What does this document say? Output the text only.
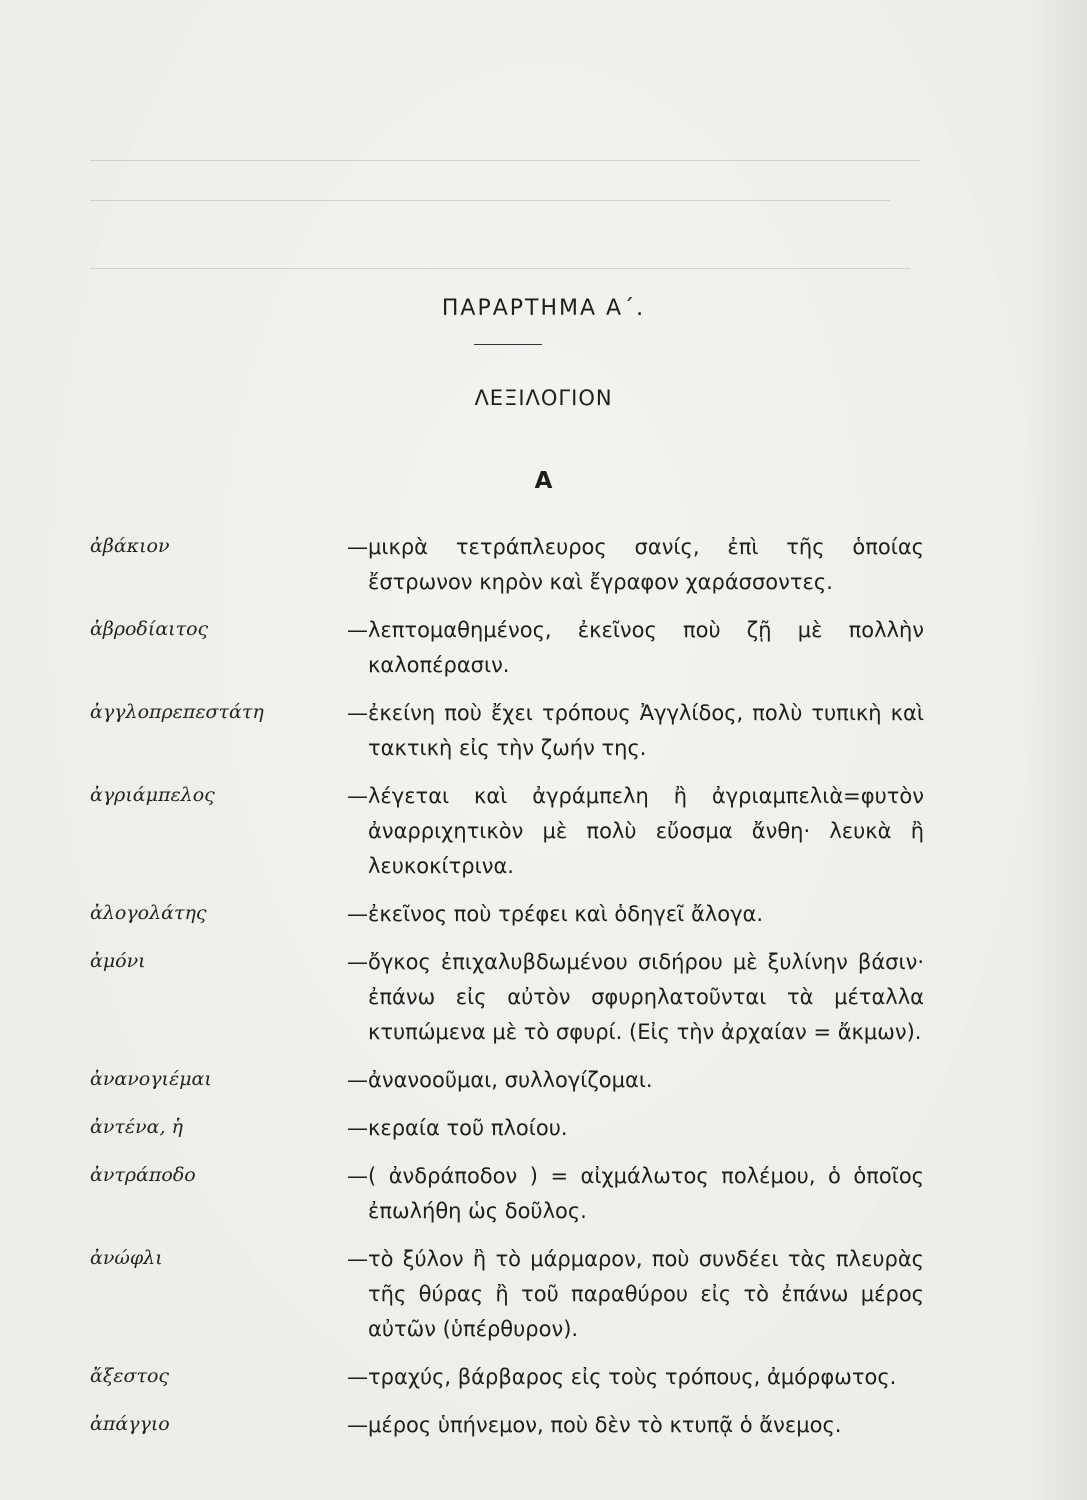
ΠΑΡΑΡΤΗΜΑ Α΄.
ΛΕΞΙΛΟΓΙΟΝ
Α
ἀβάκιον	—μικρὰ τετράπλευρος σανίς, ἐπὶ τῆς ὁποίας ἔστρωνον κηρὸν καὶ ἔγραφον χαράσσοντες.
ἀβροδίαιτος	—λεπτομαθημένος, ἐκεῖνος ποὺ ζῇ μὲ πολλὴν καλοπέρασιν.
ἀγγλοπρεπεστάτη	—ἐκείνη ποὺ ἔχει τρόπους Ἀγγλίδος, πολὺ τυπικὴ καὶ τακτικὴ εἰς τὴν ζωήν της.
ἀγριάμπελος	—λέγεται καὶ ἀγράμπελη ἢ ἀγριαμπελιὰ=φυτὸν ἀναρριχητικὸν μὲ πολὺ εὔοσμα ἄνθη· λευκὰ ἢ λευκοκίτρινα.
ἀλογολάτης	—ἐκεῖνος ποὺ τρέφει καὶ ὁδηγεῖ ἄλογα.
ἀμόνι	—ὄγκος ἐπιχαλυβδωμένου σιδήρου μὲ ξυλίνην βάσιν· ἐπάνω εἰς αὐτὸν σφυρηλατοῦνται τὰ μέταλλα κτυπώμενα μὲ τὸ σφυρί. (Εἰς τὴν ἀρχαίαν = ἄκμων).
ἀνανογιέμαι	—ἀνανοοῦμαι, συλλογίζομαι.
ἀντένα, ἡ	—κεραία τοῦ πλοίου.
ἀντράποδο	—( ἀνδράποδον ) = αἰχμάλωτος πολέμου, ὁ ὁποῖος ἐπωλήθη ὡς δοῦλος.
ἀνώφλι	—τὸ ξύλον ἢ τὸ μάρμαρον, ποὺ συνδέει τὰς πλευρὰς τῆς θύρας ἢ τοῦ παραθύρου εἰς τὸ ἐπάνω μέρος αὐτῶν (ὑπέρθυρον).
ἄξεστος	—τραχύς, βάρβαρος εἰς τοὺς τρόπους, ἀμόρφωτος.
ἀπάγγιο	—μέρος ὑπήνεμον, ποὺ δὲν τὸ κτυπᾷ ὁ ἄνεμος.
